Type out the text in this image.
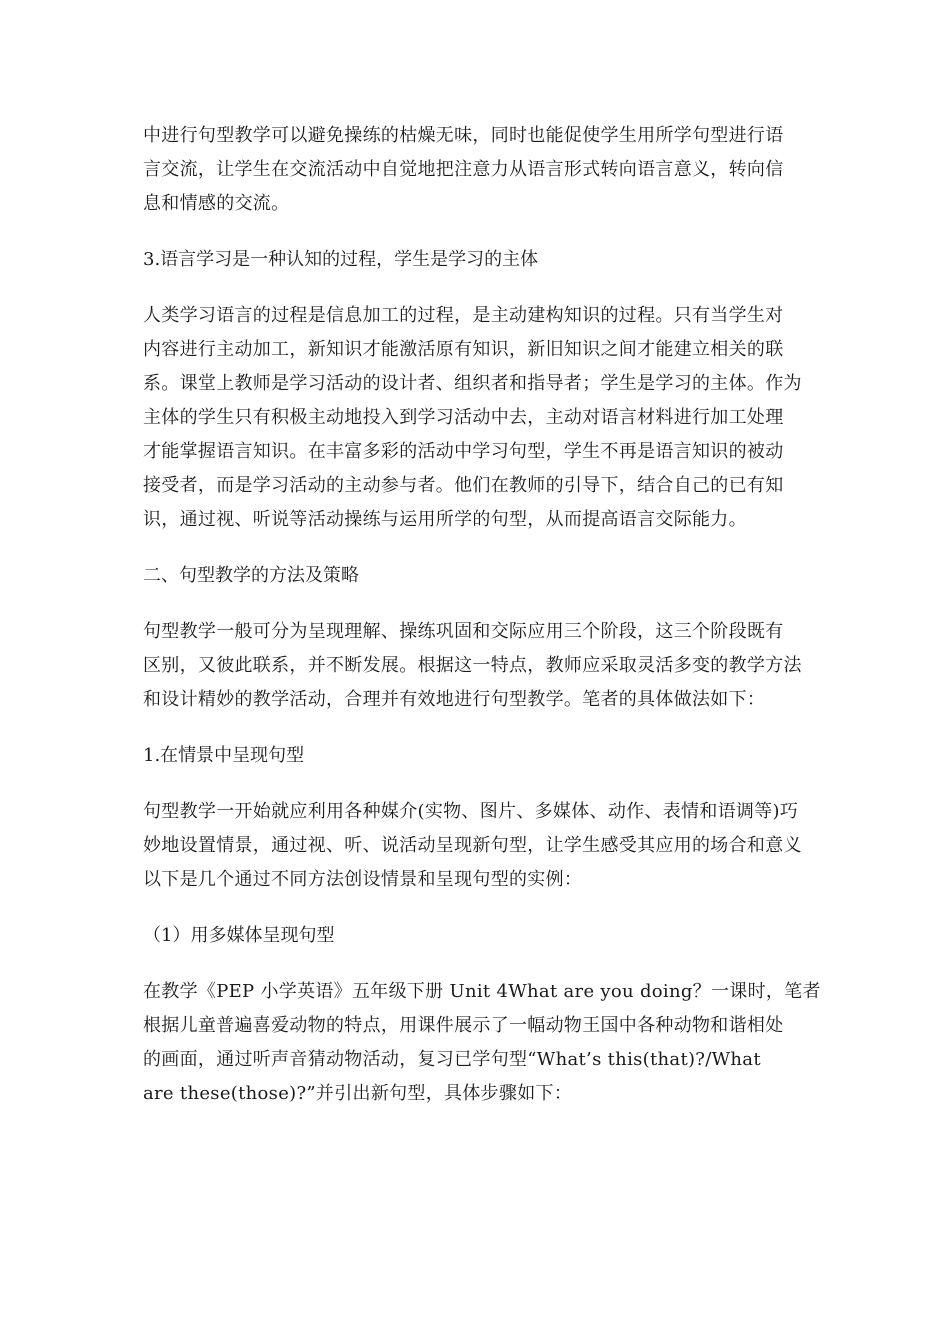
中进行句型教学可以避免操练的枯燥无味，同时也能促使学生用所学句型进行语
言交流，让学生在交流活动中自觉地把注意力从语言形式转向语言意义，转向信
息和情感的交流。

3.语言学习是一种认知的过程，学生是学习的主体

人类学习语言的过程是信息加工的过程，是主动建构知识的过程。只有当学生对
内容进行主动加工，新知识才能激活原有知识，新旧知识之间才能建立相关的联
系。课堂上教师是学习活动的设计者、组织者和指导者；学生是学习的主体。作为
主体的学生只有积极主动地投入到学习活动中去，主动对语言材料进行加工处理
才能掌握语言知识。在丰富多彩的活动中学习句型，学生不再是语言知识的被动
接受者，而是学习活动的主动参与者。他们在教师的引导下，结合自己的已有知
识，通过视、听说等活动操练与运用所学的句型，从而提高语言交际能力。

二、句型教学的方法及策略

句型教学一般可分为呈现理解、操练巩固和交际应用三个阶段，这三个阶段既有
区别，又彼此联系，并不断发展。根据这一特点，教师应采取灵活多变的教学方法
和设计精妙的教学活动，合理并有效地进行句型教学。笔者的具体做法如下：

1.在情景中呈现句型

句型教学一开始就应利用各种媒介(实物、图片、多媒体、动作、表情和语调等)巧
妙地设置情景，通过视、听、说活动呈现新句型，让学生感受其应用的场合和意义
以下是几个通过不同方法创设情景和呈现句型的实例：

（1）用多媒体呈现句型

在教学《PEP 小学英语》五年级下册 Unit 4What are you doing？一课时，笔者
根据儿童普遍喜爱动物的特点，用课件展示了一幅动物王国中各种动物和谐相处
的画面，通过听声音猜动物活动，复习已学句型“What’s this(that)?/What
are these(those)?”并引出新句型，具体步骤如下：
